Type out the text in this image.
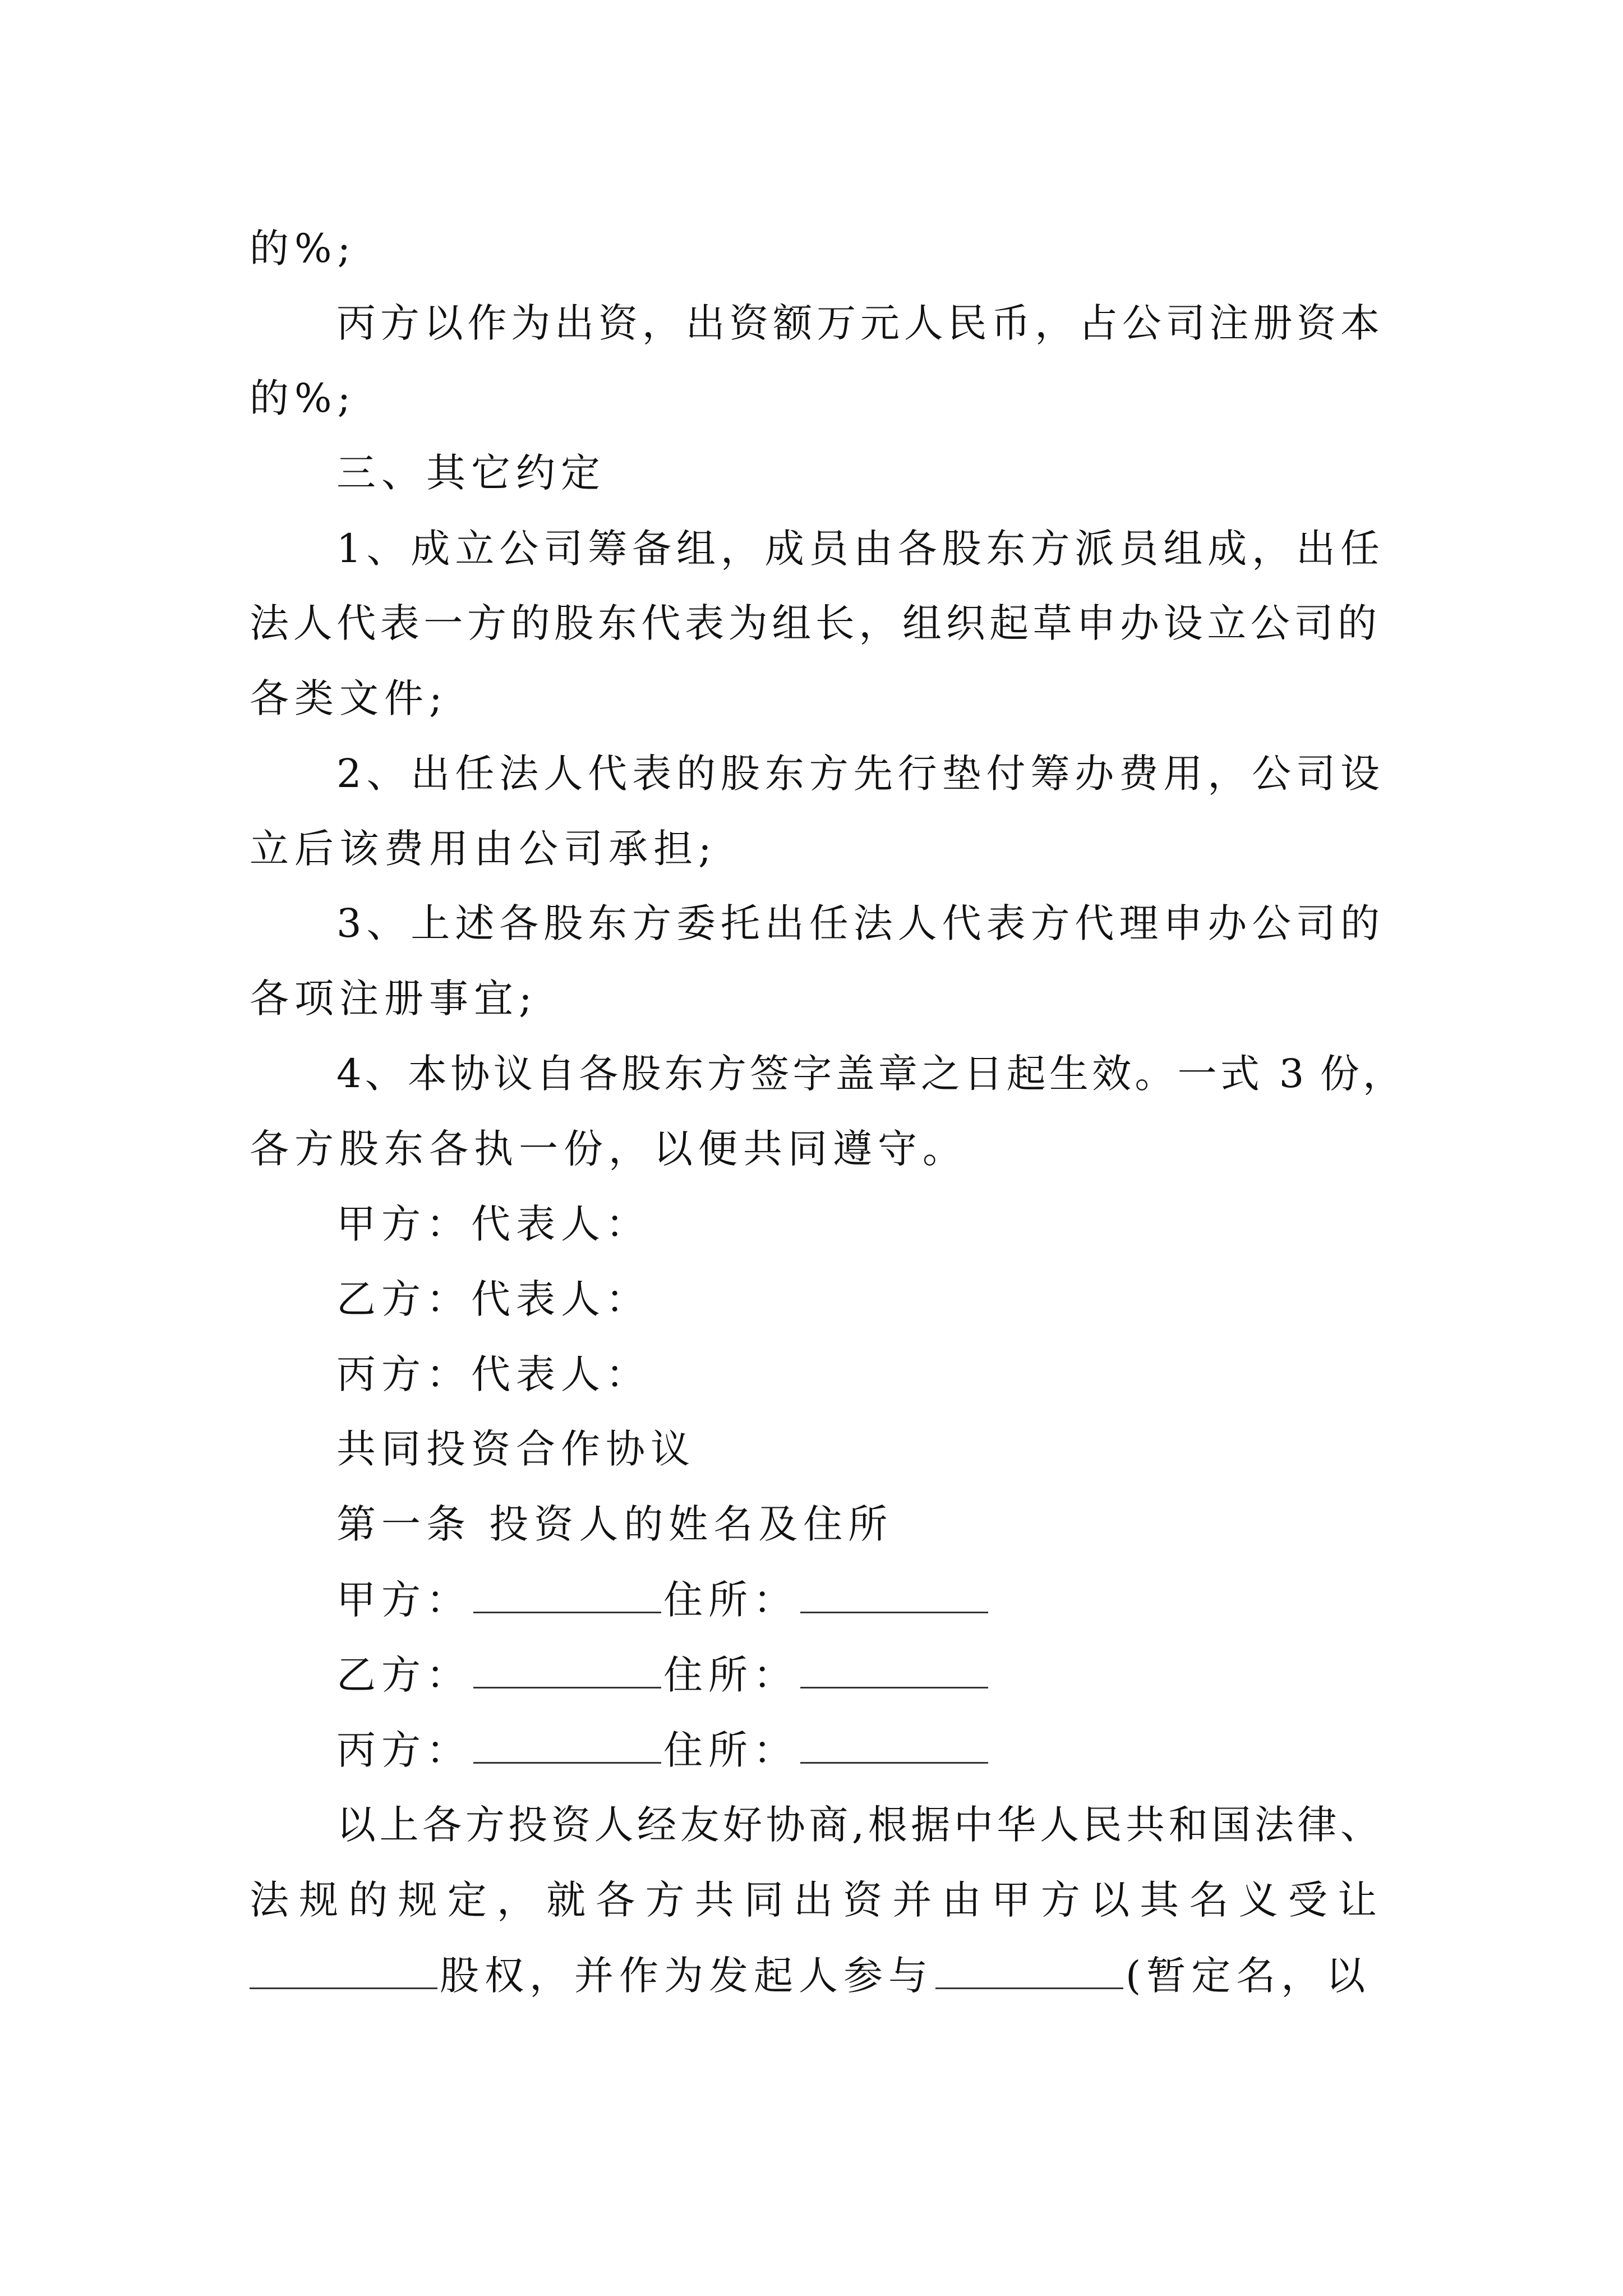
的%;
丙方以作为出资，出资额万元人民币，占公司注册资本
的%;
三、其它约定
1、成立公司筹备组，成员由各股东方派员组成，出任
法人代表一方的股东代表为组长，组织起草申办设立公司的
各类文件;
2、出任法人代表的股东方先行垫付筹办费用，公司设
立后该费用由公司承担;
3、上述各股东方委托出任法人代表方代理申办公司的
各项注册事宜;
4、本协议自各股东方签字盖章之日起生效。一式 3 份，
各方股东各执一份，以便共同遵守。
甲方：代表人：
乙方：代表人：
丙方：代表人：
共同投资合作协议
第一条 投资人的姓名及住所
甲方：	住所：
乙方：	住所：
丙方：	住所：
以上各方投资人经友好协商,根据中华人民共和国法律、
法规的规定，就各方共同出资并由甲方以其名义受让
股权，并作为发起人参与	(暂定名，以
